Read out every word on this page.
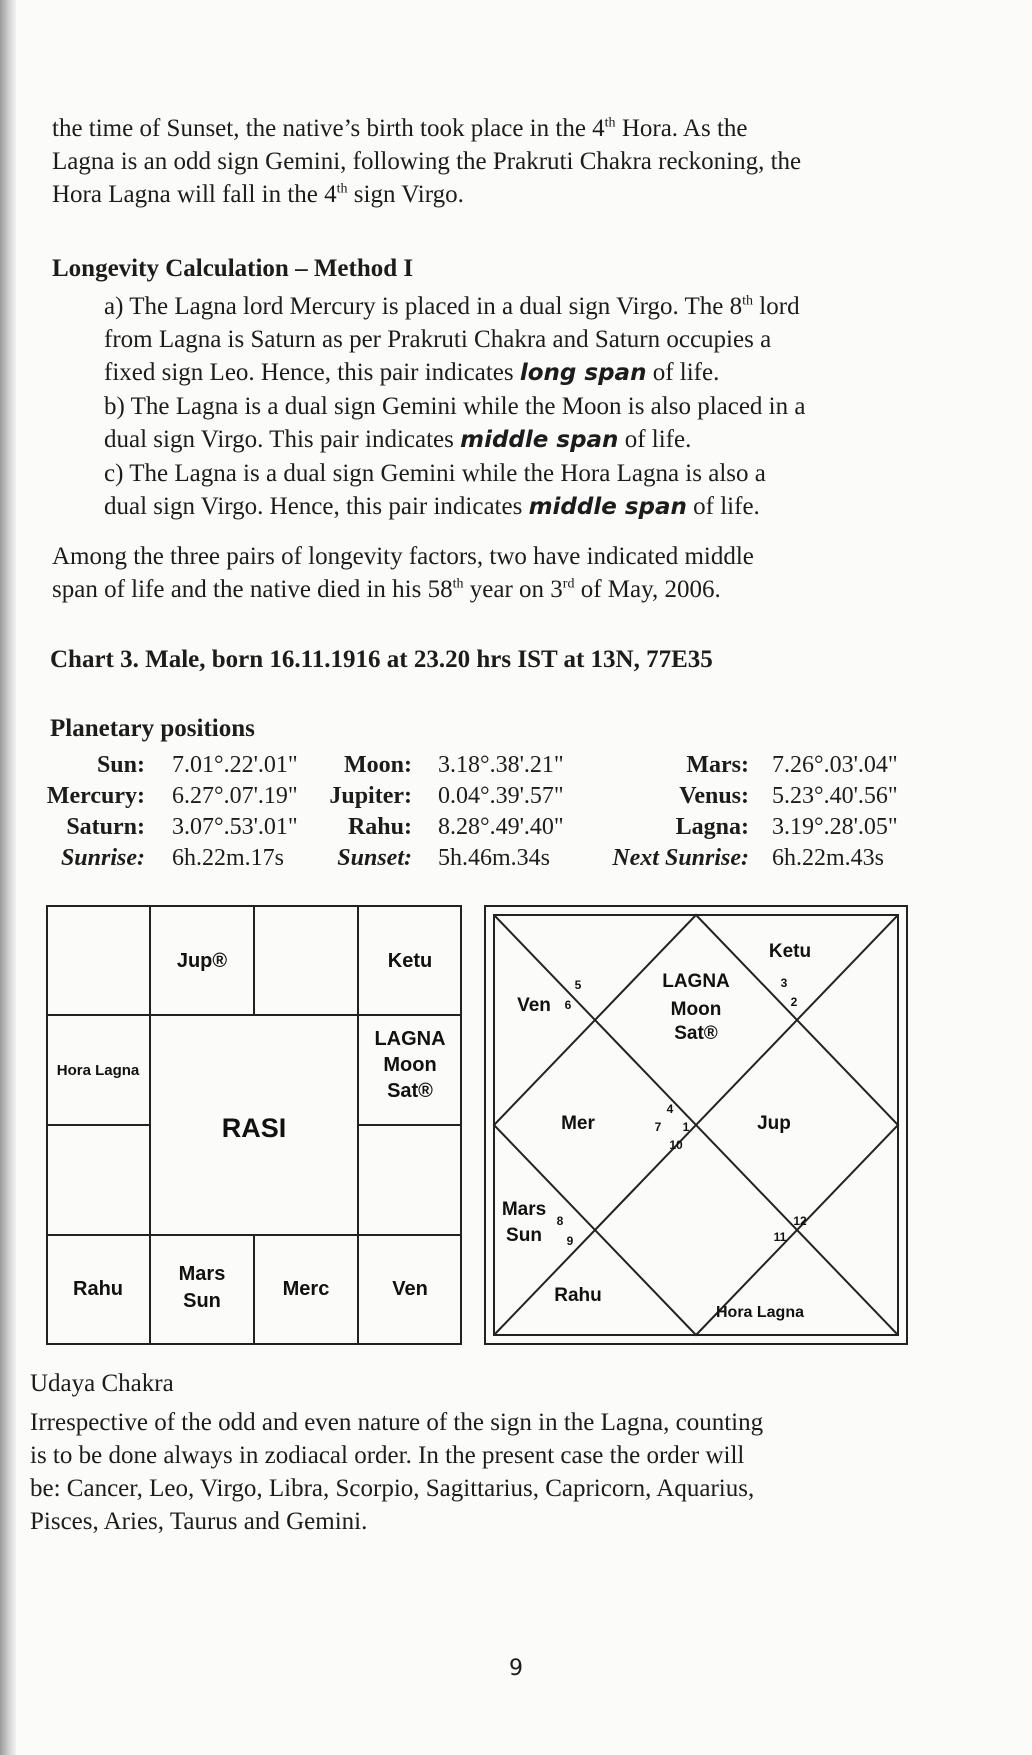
the time of Sunset, the native’s birth took place in the 4th Hora. As the
Lagna is an odd sign Gemini, following the Prakruti Chakra reckoning, the
Hora Lagna will fall in the 4th sign Virgo.
Longevity Calculation – Method I
a) The Lagna lord Mercury is placed in a dual sign Virgo. The 8th lord
from Lagna is Saturn as per Prakruti Chakra and Saturn occupies a
fixed sign Leo. Hence, this pair indicates long span of life.
b) The Lagna is a dual sign Gemini while the Moon is also placed in a
dual sign Virgo. This pair indicates middle span of life.
c) The Lagna is a dual sign Gemini while the Hora Lagna is also a
dual sign Virgo. Hence, this pair indicates middle span of life.
Among the three pairs of longevity factors, two have indicated middle
span of life and the native died in his 58th year on 3rd of May, 2006.
Chart 3. Male, born 16.11.1916 at 23.20 hrs IST at 13N, 77E35
Planetary positions
Sun: 7.01°.22'.01" Moon: 3.18°.38'.21"	Mars: 7.26°.03'.04"
Mercury: 6.27°.07'.19" Jupiter: 0.04°.39'.57"	Venus: 5.23°.40'.56"
Saturn: 3.07°.53'.01" Rahu: 8.28°.49'.40"	Lagna: 3.19°.28'.05"
Sunrise: 6h.22m.17s Sunset: 5h.46m.34s	Next Sunrise: 6h.22m.43s
Jup®	Ketu
Hora Lagna
RASI
LAGNA
Moon
Sat®
Rahu
Mars
Sun
Merc	Ven
Ketu
LAGNA
Moon
Sat®
Ven
Mer	Jup
Mars
Sun
Rahu
Hora Lagna
1
2
3
4
5
6
7
8
9
10
11
12
Udaya Chakra
Irrespective of the odd and even nature of the sign in the Lagna, counting
is to be done always in zodiacal order. In the present case the order will
be: Cancer, Leo, Virgo, Libra, Scorpio, Sagittarius, Capricorn, Aquarius,
Pisces, Aries, Taurus and Gemini.
9
